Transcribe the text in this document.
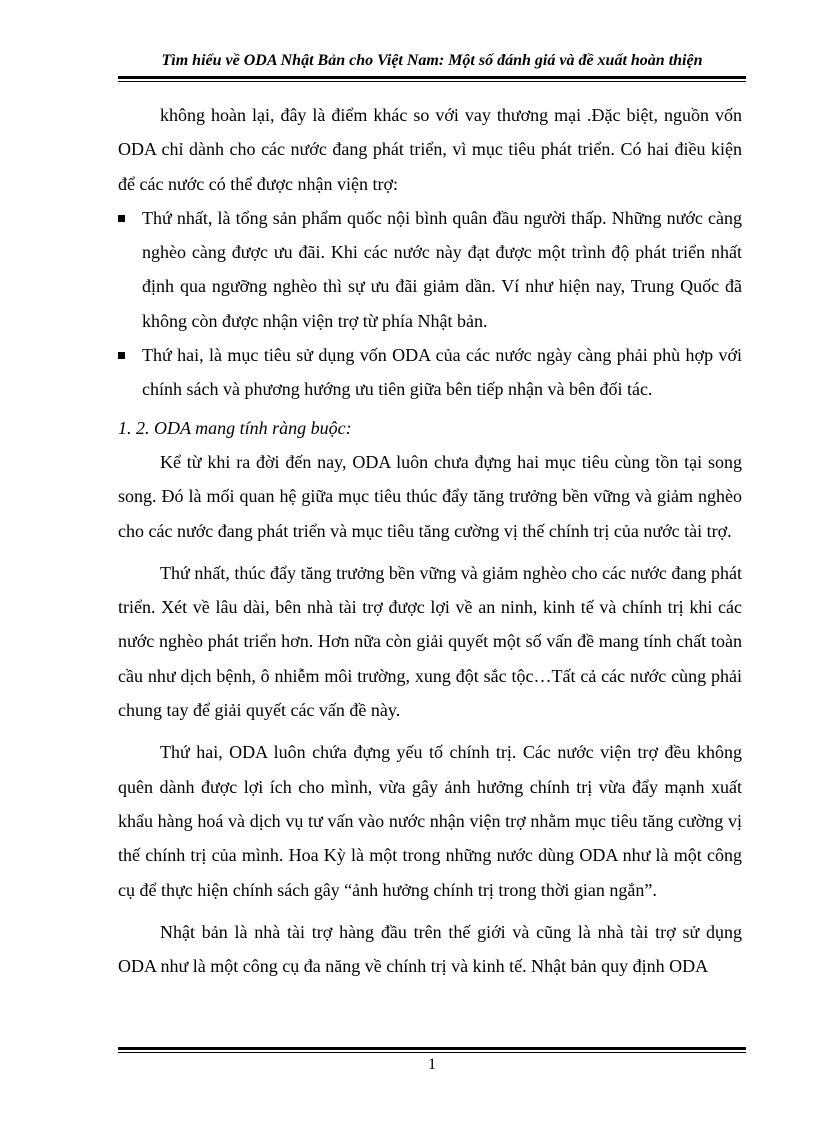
Tìm hiểu về ODA Nhật Bản cho Việt Nam: Một số đánh giá và đề xuất hoàn thiện

không hoàn lại, đây là điểm khác so với vay thương mại .Đặc biệt, nguồn vốn ODA chỉ dành cho các nước đang phát triển, vì mục tiêu phát triển. Có hai điều kiện để các nước có thể được nhận viện trợ:

Thứ nhất, là tổng sản phẩm quốc nội bình quân đầu người thấp. Những nước càng nghèo càng được ưu đãi. Khi các nước này đạt được một trình độ phát triển nhất định qua ngưỡng nghèo thì sự ưu đãi giảm dần. Ví như hiện nay, Trung Quốc đã không còn được nhận viện trợ từ phía Nhật bản.
Thứ hai, là mục tiêu sử dụng vốn ODA của các nước ngày càng phải phù hợp với chính sách và phương hướng ưu tiên giữa bên tiếp nhận và bên đối tác.

1. 2. ODA mang tính ràng buộc:

Kể từ khi ra đời đến nay, ODA luôn chưa đựng hai mục tiêu cùng tồn tại song song. Đó là mối quan hệ giữa mục tiêu thúc đẩy tăng trưởng bền vững và giảm nghèo cho các nước đang phát triển và mục tiêu tăng cường vị thế chính trị của nước tài trợ.

Thứ nhất, thúc đẩy tăng trưởng bền vững và giảm nghèo cho các nước đang phát triển. Xét về lâu dài, bên nhà tài trợ được lợi về an ninh, kinh tế và chính trị khi các nước nghèo phát triển hơn. Hơn nữa còn giải quyết một số vấn đề mang tính chất toàn cầu như dịch bệnh, ô nhiễm môi trường, xung đột sắc tộc…Tất cả các nước cùng phải chung tay để giải quyết các vấn đề này.

Thứ hai, ODA luôn chứa đựng yếu tố chính trị. Các nước viện trợ đều không quên dành được lợi ích cho mình, vừa gây ảnh hưởng chính trị vừa đẩy mạnh xuất khẩu hàng hoá và dịch vụ tư vấn vào nước nhận viện trợ nhằm mục tiêu tăng cường vị thế chính trị của mình. Hoa Kỳ là một trong những nước dùng ODA như là một công cụ để thực hiện chính sách gây “ảnh hưởng chính trị trong thời gian ngắn”.

Nhật bản là nhà tài trợ hàng đầu trên thế giới và cũng là nhà tài trợ sử dụng ODA như là một công cụ đa năng về chính trị và kinh tế. Nhật bản quy định ODA

1
